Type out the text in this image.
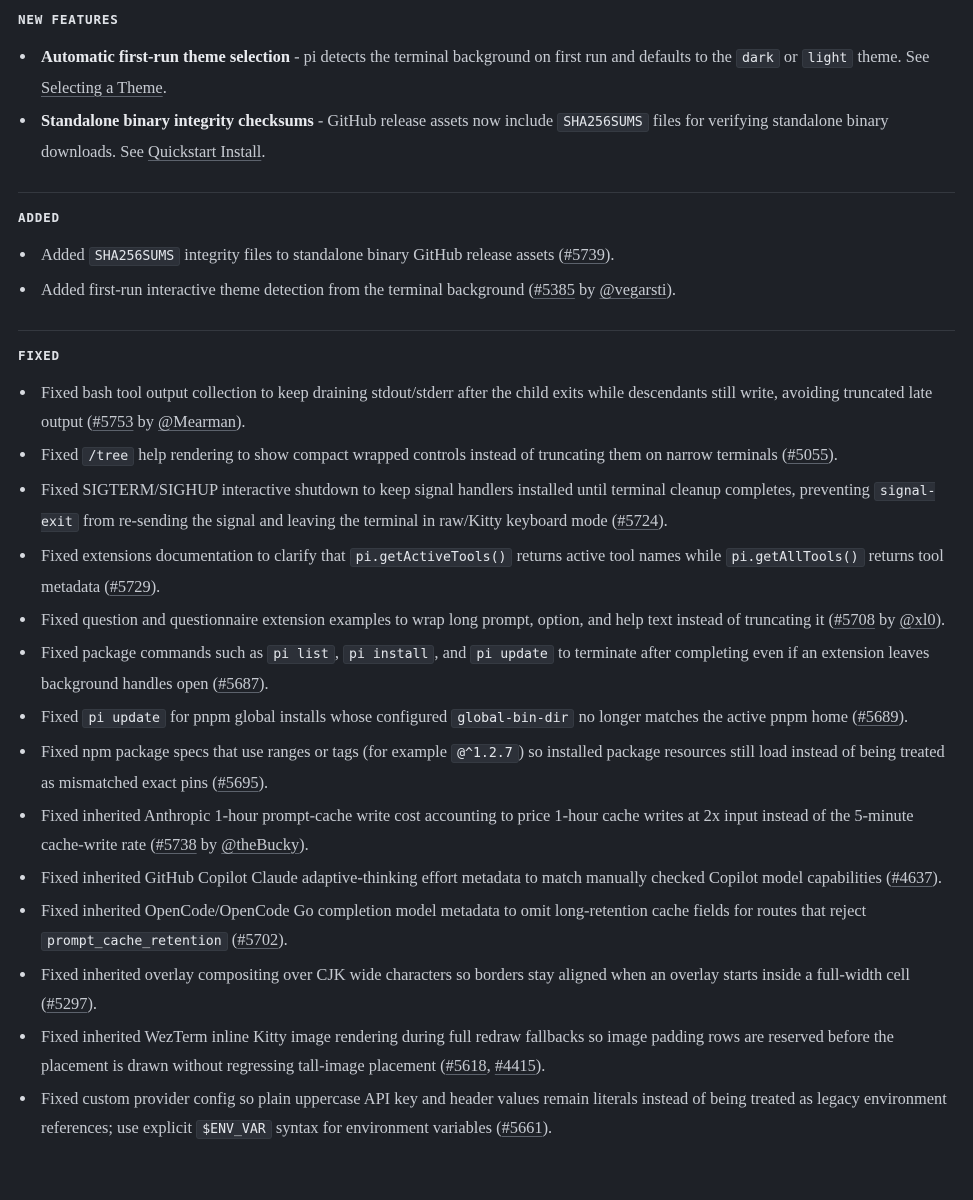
NEW FEATURES
Automatic first-run theme selection - pi detects the terminal background on first run and defaults to the dark or light theme. See Selecting a Theme.
Standalone binary integrity checksums - GitHub release assets now include SHA256SUMS files for verifying standalone binary downloads. See Quickstart Install.
ADDED
Added SHA256SUMS integrity files to standalone binary GitHub release assets (#5739).
Added first-run interactive theme detection from the terminal background (#5385 by @vegarsti).
FIXED
Fixed bash tool output collection to keep draining stdout/stderr after the child exits while descendants still write, avoiding truncated late output (#5753 by @Mearman).
Fixed /tree help rendering to show compact wrapped controls instead of truncating them on narrow terminals (#5055).
Fixed SIGTERM/SIGHUP interactive shutdown to keep signal handlers installed until terminal cleanup completes, preventing signal-exit from re-sending the signal and leaving the terminal in raw/Kitty keyboard mode (#5724).
Fixed extensions documentation to clarify that pi.getActiveTools() returns active tool names while pi.getAllTools() returns tool metadata (#5729).
Fixed question and questionnaire extension examples to wrap long prompt, option, and help text instead of truncating it (#5708 by @xl0).
Fixed package commands such as pi list , pi install , and pi update to terminate after completing even if an extension leaves background handles open (#5687).
Fixed pi update for pnpm global installs whose configured global-bin-dir no longer matches the active pnpm home (#5689).
Fixed npm package specs that use ranges or tags (for example @^1.2.7 ) so installed package resources still load instead of being treated as mismatched exact pins (#5695).
Fixed inherited Anthropic 1-hour prompt-cache write cost accounting to price 1-hour cache writes at 2x input instead of the 5-minute cache-write rate (#5738 by @theBucky).
Fixed inherited GitHub Copilot Claude adaptive-thinking effort metadata to match manually checked Copilot model capabilities (#4637).
Fixed inherited OpenCode/OpenCode Go completion model metadata to omit long-retention cache fields for routes that reject prompt_cache_retention (#5702).
Fixed inherited overlay compositing over CJK wide characters so borders stay aligned when an overlay starts inside a full-width cell (#5297).
Fixed inherited WezTerm inline Kitty image rendering during full redraw fallbacks so image padding rows are reserved before the placement is drawn without regressing tall-image placement (#5618, #4415).
Fixed custom provider config so plain uppercase API key and header values remain literals instead of being treated as legacy environment references; use explicit $ENV_VAR syntax for environment variables (#5661).
